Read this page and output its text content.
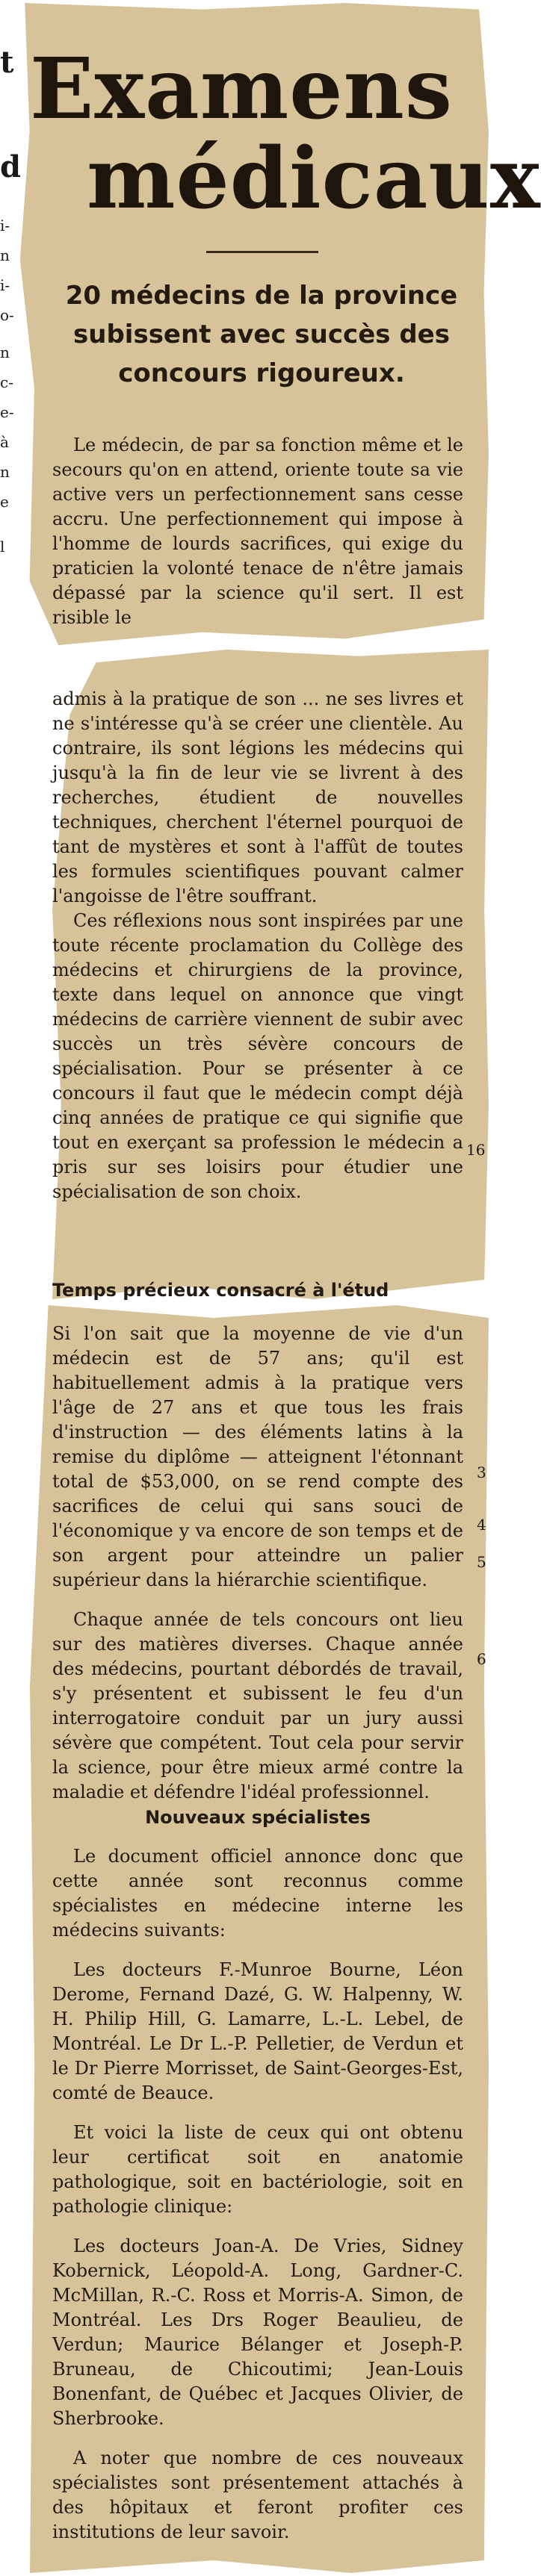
t
d
i-
n
i-
o-
n
c-
e-
à
n
e
l
16
3
4
5
6
Examens
médicaux
20 médecins de la province subissent avec succès des concours rigoureux.

Le médecin, de par sa fonction même et le secours qu'on en attend, oriente toute sa vie active vers un perfectionnement sans cesse accru. Une perfectionnement qui impose à l'homme de lourds sacrifices, qui exige du praticien la volonté tenace de n'être jamais dépassé par la science qu'il sert. Il est risible le

admis à la pratique de son ... ne ses livres et ne s'intéresse qu'à se créer une clientèle. Au contraire, ils sont légions les médecins qui jusqu'à la fin de leur vie se livrent à des recherches, étudient de nouvelles techniques, cherchent l'éternel pourquoi de tant de mystères et sont à l'affût de toutes les formules scientifiques pouvant calmer l'angoisse de l'être souffrant.

Ces réflexions nous sont inspirées par une toute récente proclamation du Collège des médecins et chirurgiens de la province, texte dans lequel on annonce que vingt médecins de carrière viennent de subir avec succès un très sévère concours de spécialisation. Pour se présenter à ce concours il faut que le médecin compt déjà cinq années de pratique ce qui signifie que tout en exerçant sa profession le médecin a pris sur ses loisirs pour étudier une spécialisation de son choix.

Temps précieux consacré à l'étud

Si l'on sait que la moyenne de vie d'un médecin est de 57 ans; qu'il est habituellement admis à la pratique vers l'âge de 27 ans et que tous les frais d'instruction — des éléments latins à la remise du diplôme — atteignent l'étonnant total de $53,000, on se rend compte des sacrifices de celui qui sans souci de l'économique y va encore de son temps et de son argent pour atteindre un palier supérieur dans la hiérarchie scientifique.

Chaque année de tels concours ont lieu sur des matières diverses. Chaque année des médecins, pourtant débordés de travail, s'y présentent et subissent le feu d'un interrogatoire conduit par un jury aussi sévère que compétent. Tout cela pour servir la science, pour être mieux armé contre la maladie et défendre l'idéal professionnel.

Nouveaux spécialistes

Le document officiel annonce donc que cette année sont reconnus comme spécialistes en médecine interne les médecins suivants:

Les docteurs F.-Munroe Bourne, Léon Derome, Fernand Dazé, G. W. Halpenny, W. H. Philip Hill, G. Lamarre, L.-L. Lebel, de Montréal. Le Dr L.-P. Pelletier, de Verdun et le Dr Pierre Morrisset, de Saint-Georges-Est, comté de Beauce.

Et voici la liste de ceux qui ont obtenu leur certificat soit en anatomie pathologique, soit en bactériologie, soit en pathologie clinique:

Les docteurs Joan-A. De Vries, Sidney Kobernick, Léopold-A. Long, Gardner-C. McMillan, R.-C. Ross et Morris-A. Simon, de Montréal. Les Drs Roger Beaulieu, de Verdun; Maurice Bélanger et Joseph-P. Bruneau, de Chicoutimi; Jean-Louis Bonenfant, de Québec et Jacques Olivier, de Sherbrooke.

A noter que nombre de ces nouveaux spécialistes sont présentement attachés à des hôpitaux et feront profiter ces institutions de leur savoir.
